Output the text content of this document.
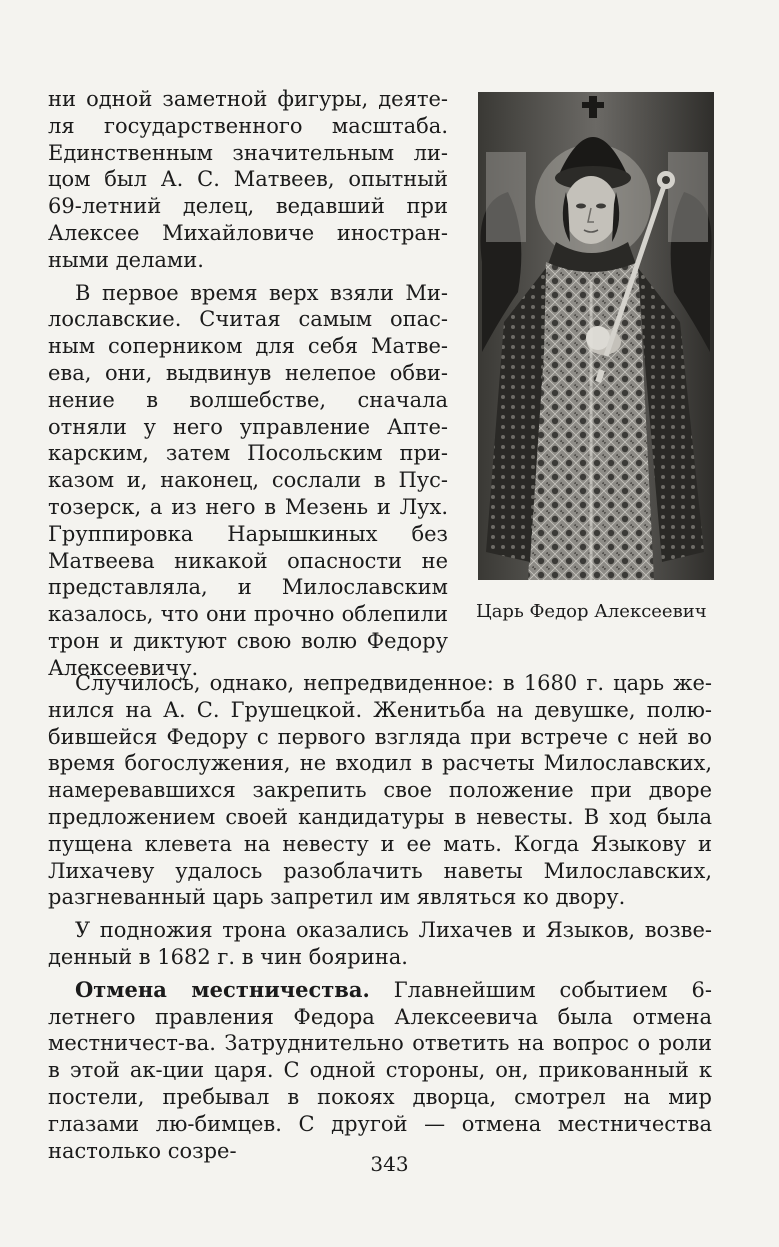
ни одной заметной фигуры, деяте-ля государственного масштаба. Единственным значительным ли-цом был А. С. Матвеев, опытный 69-летний делец, ведавший при Алексее Михайловиче иностран-ными делами.

В первое время верх взяли Ми-лославские. Считая самым опас-ным соперником для себя Матве-ева, они, выдвинув нелепое обви-нение в волшебстве, сначала отняли у него управление Апте-карским, затем Посольским при-казом и, наконец, сослали в Пус-тозерск, а из него в Мезень и Лух. Группировка Нарышкиных без Матвеева никакой опасности не представляла, и Милославским казалось, что они прочно облепили трон и диктуют свою волю Федору Алексеевичу.

Царь Федор Алексеевич

Случилось, однако, непредвиденное: в 1680 г. царь же-нился на А. С. Грушецкой. Женитьба на девушке, полю-бившейся Федору с первого взгляда при встрече с ней во время богослужения, не входил в расчеты Милославских, намеревавшихся закрепить свое положение при дворе предложением своей кандидатуры в невесты. В ход была пущена клевета на невесту и ее мать. Когда Языкову и Лихачеву удалось разоблачить наветы Милославских, разгневанный царь запретил им являться ко двору.

У подножия трона оказались Лихачев и Языков, возве-денный в 1682 г. в чин боярина.

Отмена местничества. Главнейшим событием 6-летнего правления Федора Алексеевича была отмена местничест-ва. Затруднительно ответить на вопрос о роли в этой ак-ции царя. С одной стороны, он, прикованный к постели, пребывал в покоях дворца, смотрел на мир глазами лю-бимцев. С другой — отмена местничества настолько созре-

343
